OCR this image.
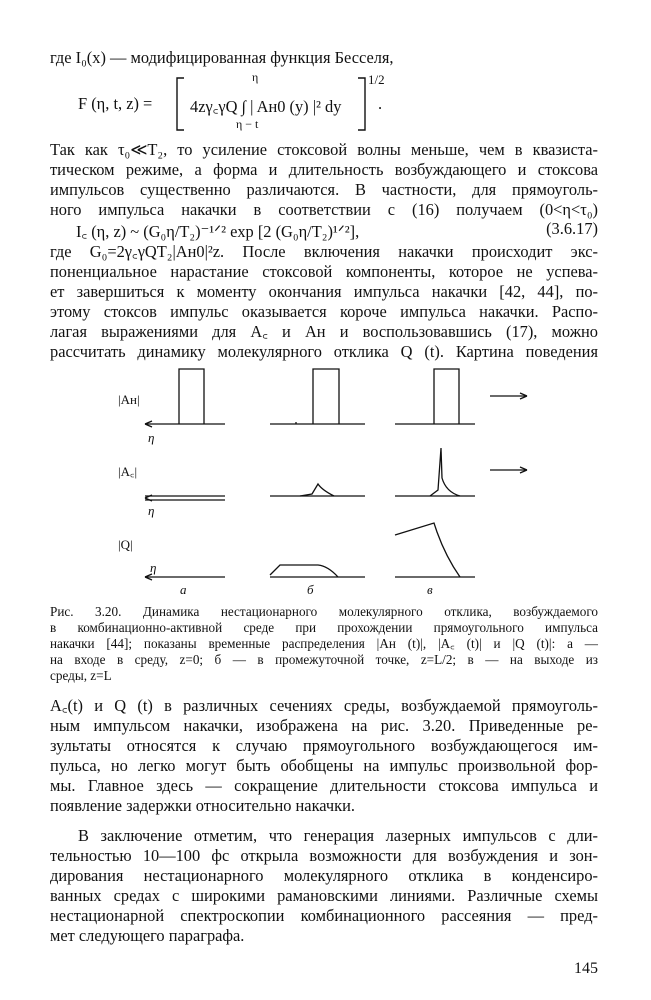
где I₀(x) — модифицированная функция Бесселя,
F (η, t, z) = 4zγ꜀γQ ∫ | Aн0 (y) |² dy
η
η − t
1/2
.
Так как τ₀≪T₂, то усиление стоксовой волны меньше, чем в квазиста-
тическом режиме, а форма и длительность возбуждающего и стоксова
импульсов существенно различаются. В частности, для прямоуголь-
ного импульса накачки в соответствии с (16) получаем (0<η<τ₀)
I꜀ (η, z) ~ (G₀η/T₂)⁻¹ᐟ² exp [2 (G₀η/T₂)¹ᐟ²],	(3.6.17)
где G₀=2γ꜀γQT₂|Aн0|²z. После включения накачки происходит экс-
поненциальное нарастание стоксовой компоненты, которое не успева-
ет завершиться к моменту окончания импульса накачки [42, 44], по-
этому стоксов импульс оказывается короче импульса накачки. Распо-
лагая выражениями для A꜀ и Aн и воспользовавшись (17), можно
рассчитать динамику молекулярного отклика Q (t). Картина поведения
|Aн|
η
|A꜀|
η
|Q|
η
а	б	в
Рис. 3.20. Динамика нестационарного молекулярного отклика, возбуждаемого
в комбинационно-активной среде при прохождении прямоугольного импульса
накачки [44]; показаны временные распределения |Aн (t)|, |A꜀ (t)| и |Q (t)|: а —
на входе в среду, z=0; б — в промежуточной точке, z=L/2; в — на выходе из
среды, z=L
A꜀(t) и Q (t) в различных сечениях среды, возбуждаемой прямоуголь-
ным импульсом накачки, изображена на рис. 3.20. Приведенные ре-
зультаты относятся к случаю прямоугольного возбуждающегося им-
пульса, но легко могут быть обобщены на импульс произвольной фор-
мы. Главное здесь — сокращение длительности стоксова импульса и
появление задержки относительно накачки.
В заключение отметим, что генерация лазерных импульсов с дли-
тельностью 10—100 фс открыла возможности для возбуждения и зон-
дирования нестационарного молекулярного отклика в конденсиро-
ванных средах с широкими рамановскими линиями. Различные схемы
нестационарной спектроскопии комбинационного рассеяния — пред-
мет следующего параграфа.
145
